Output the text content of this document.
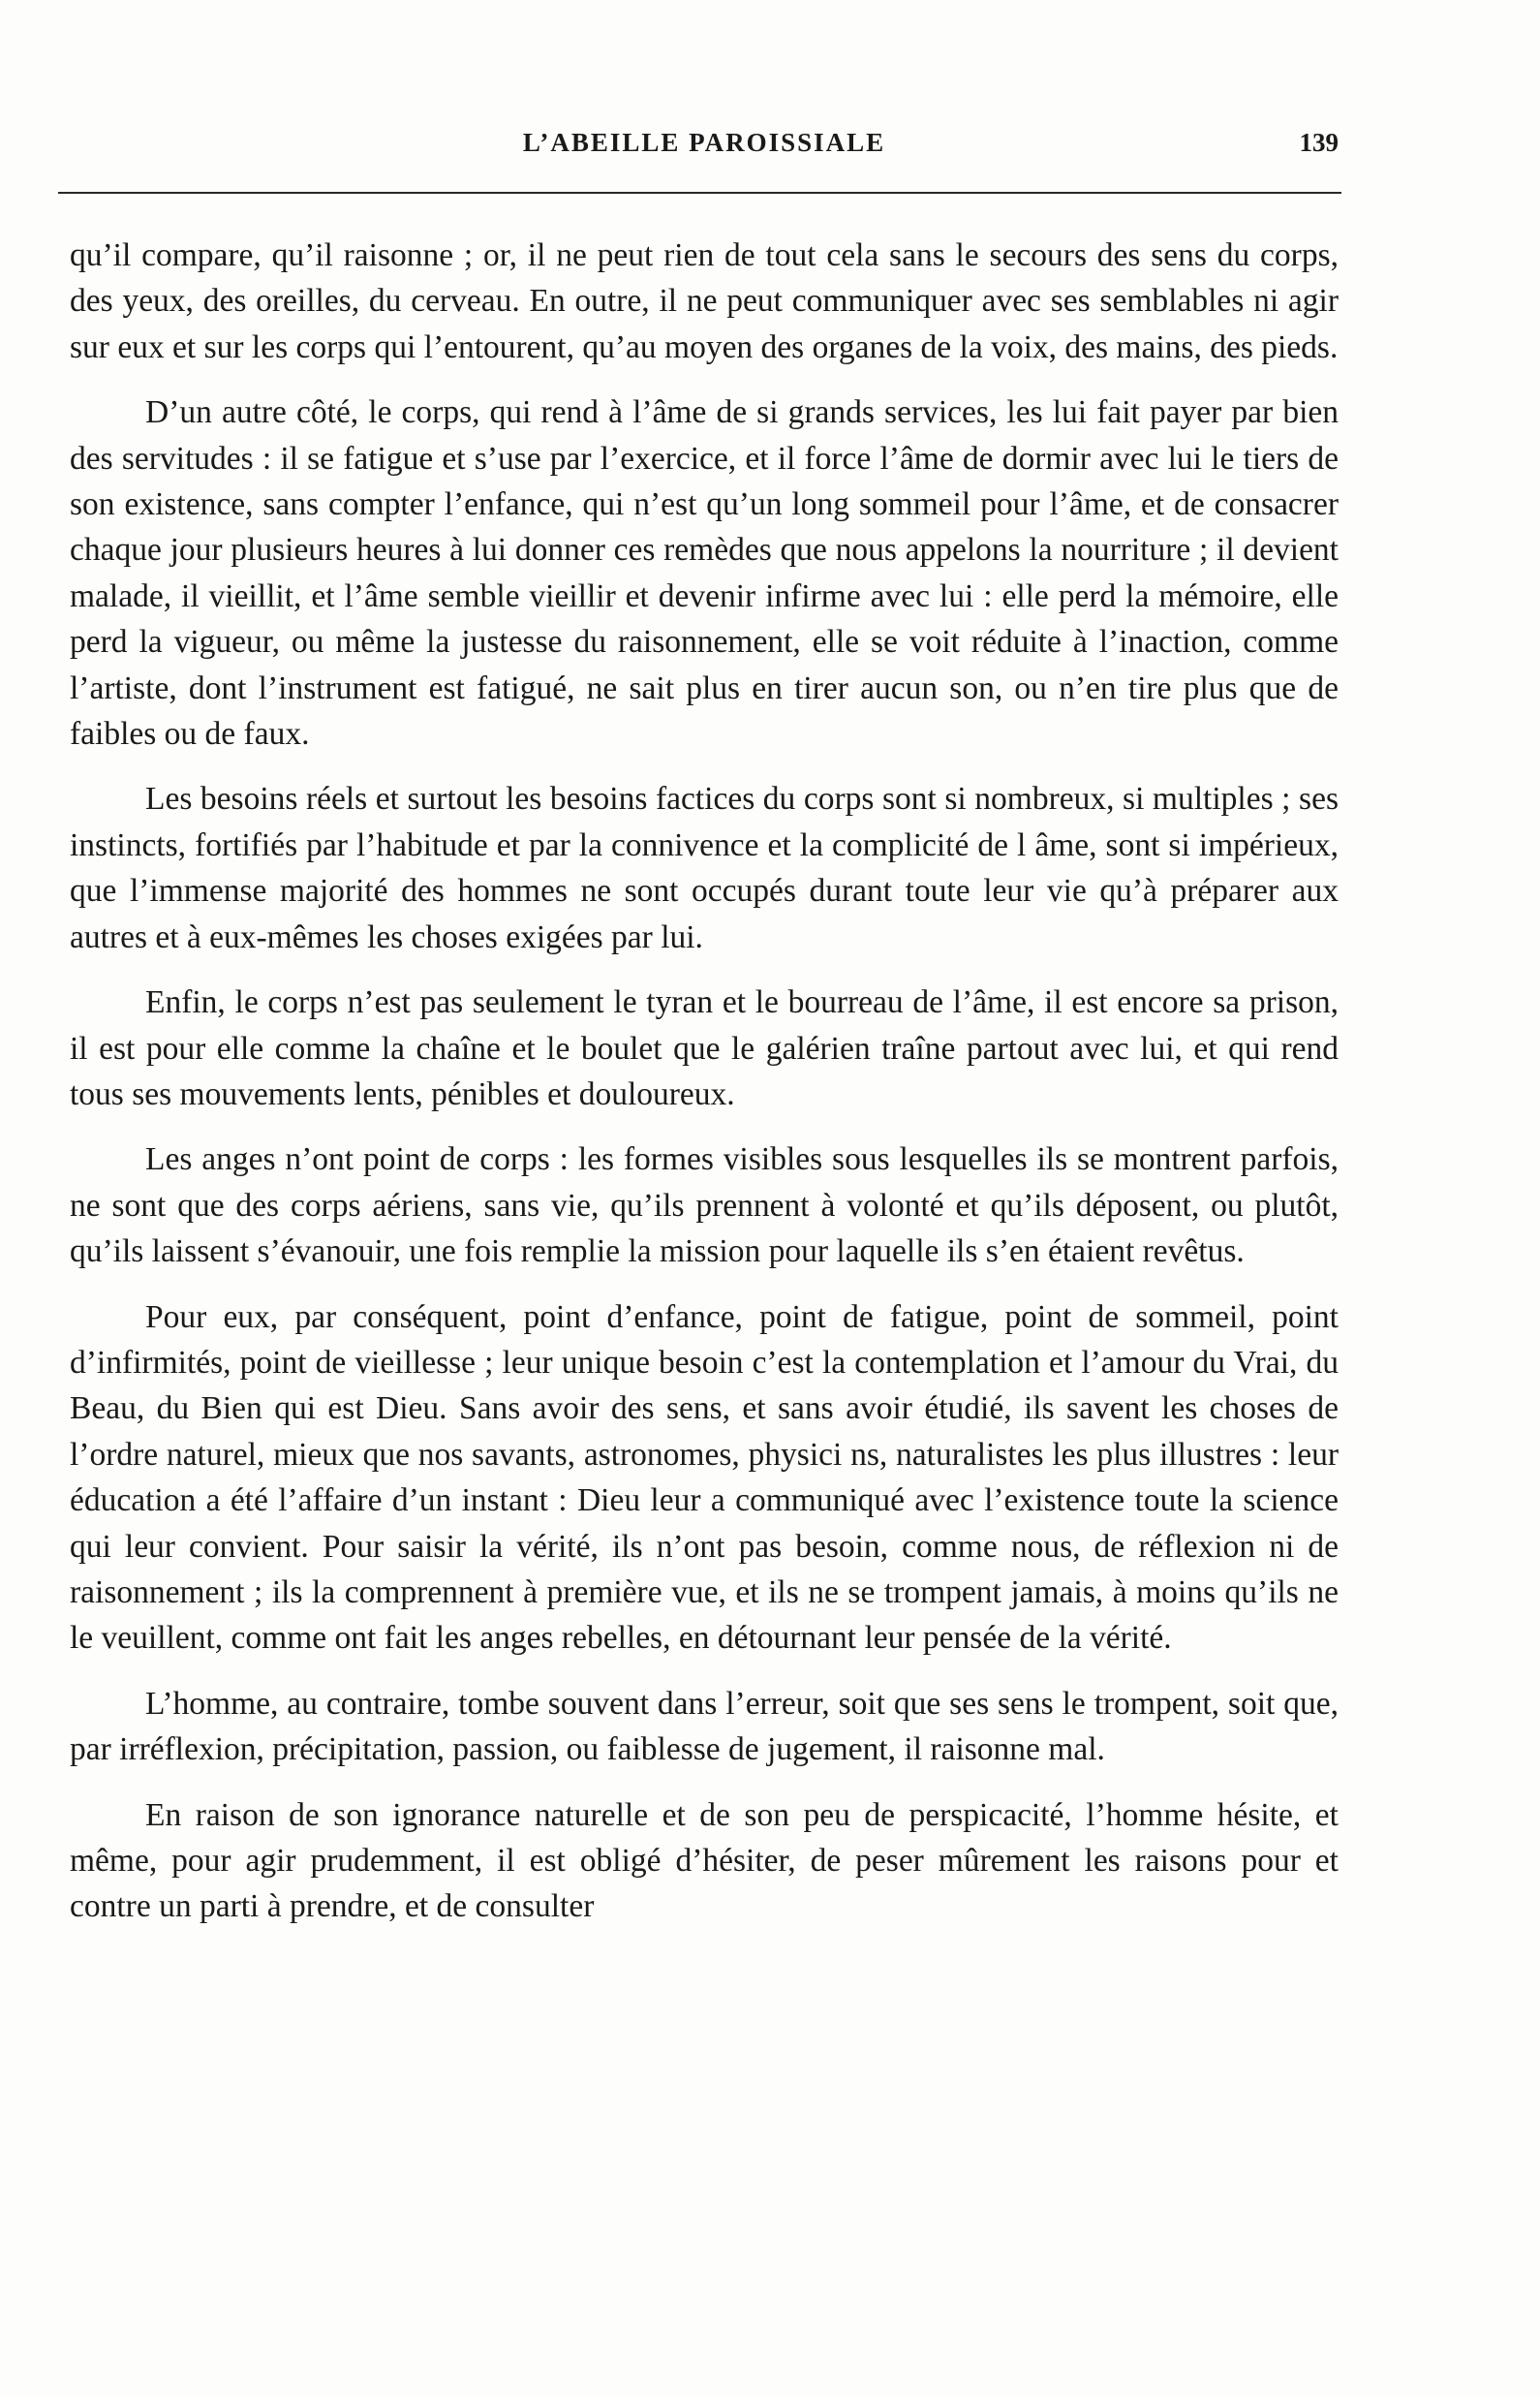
L’ABEILLE PAROISSIALE	139

qu’il compare, qu’il raisonne ; or, il ne peut rien de tout cela sans le secours des sens du corps, des yeux, des oreilles, du cerveau. En outre, il ne peut communiquer avec ses semblables ni agir sur eux et sur les corps qui l’entourent, qu’au moyen des organes de la voix, des mains, des pieds.

D’un autre côté, le corps, qui rend à l’âme de si grands services, les lui fait payer par bien des servitudes : il se fatigue et s’use par l’exercice, et il force l’âme de dormir avec lui le tiers de son existence, sans compter l’enfance, qui n’est qu’un long sommeil pour l’âme, et de consacrer chaque jour plusieurs heures à lui donner ces remèdes que nous appelons la nourriture ; il devient malade, il vieillit, et l’âme semble vieillir et devenir infirme avec lui : elle perd la mémoire, elle perd la vigueur, ou même la justesse du raisonnement, elle se voit réduite à l’inaction, comme l’artiste, dont l’instrument est fatigué, ne sait plus en tirer aucun son, ou n’en tire plus que de faibles ou de faux.

Les besoins réels et surtout les besoins factices du corps sont si nombreux, si multiples ; ses instincts, fortifiés par l’habitude et par la connivence et la complicité de l âme, sont si impérieux, que l’immense majorité des hommes ne sont occupés durant toute leur vie qu’à préparer aux autres et à eux-mêmes les choses exigées par lui.

Enfin, le corps n’est pas seulement le tyran et le bourreau de l’âme, il est encore sa prison, il est pour elle comme la chaîne et le boulet que le galérien traîne partout avec lui, et qui rend tous ses mouvements lents, pénibles et douloureux.

Les anges n’ont point de corps : les formes visibles sous lesquelles ils se montrent parfois, ne sont que des corps aériens, sans vie, qu’ils prennent à volonté et qu’ils déposent, ou plutôt, qu’ils laissent s’évanouir, une fois remplie la mission pour laquelle ils s’en étaient revêtus.

Pour eux, par conséquent, point d’enfance, point de fatigue, point de sommeil, point d’infirmités, point de vieillesse ; leur unique besoin c’est la contemplation et l’amour du Vrai, du Beau, du Bien qui est Dieu. Sans avoir des sens, et sans avoir étudié, ils savent les choses de l’ordre naturel, mieux que nos savants, astronomes, physici ns, naturalistes les plus illustres : leur éducation a été l’affaire d’un instant : Dieu leur a communiqué avec l’existence toute la science qui leur convient. Pour saisir la vérité, ils n’ont pas besoin, comme nous, de réflexion ni de raisonnement ; ils la comprennent à première vue, et ils ne se trompent jamais, à moins qu’ils ne le veuillent, comme ont fait les anges rebelles, en détournant leur pensée de la vérité.

L’homme, au contraire, tombe souvent dans l’erreur, soit que ses sens le trompent, soit que, par irréflexion, précipitation, passion, ou faiblesse de jugement, il raisonne mal.

En raison de son ignorance naturelle et de son peu de perspicacité, l’homme hésite, et même, pour agir prudemment, il est obligé d’hésiter, de peser mûrement les raisons pour et contre un parti à prendre, et de consulter
